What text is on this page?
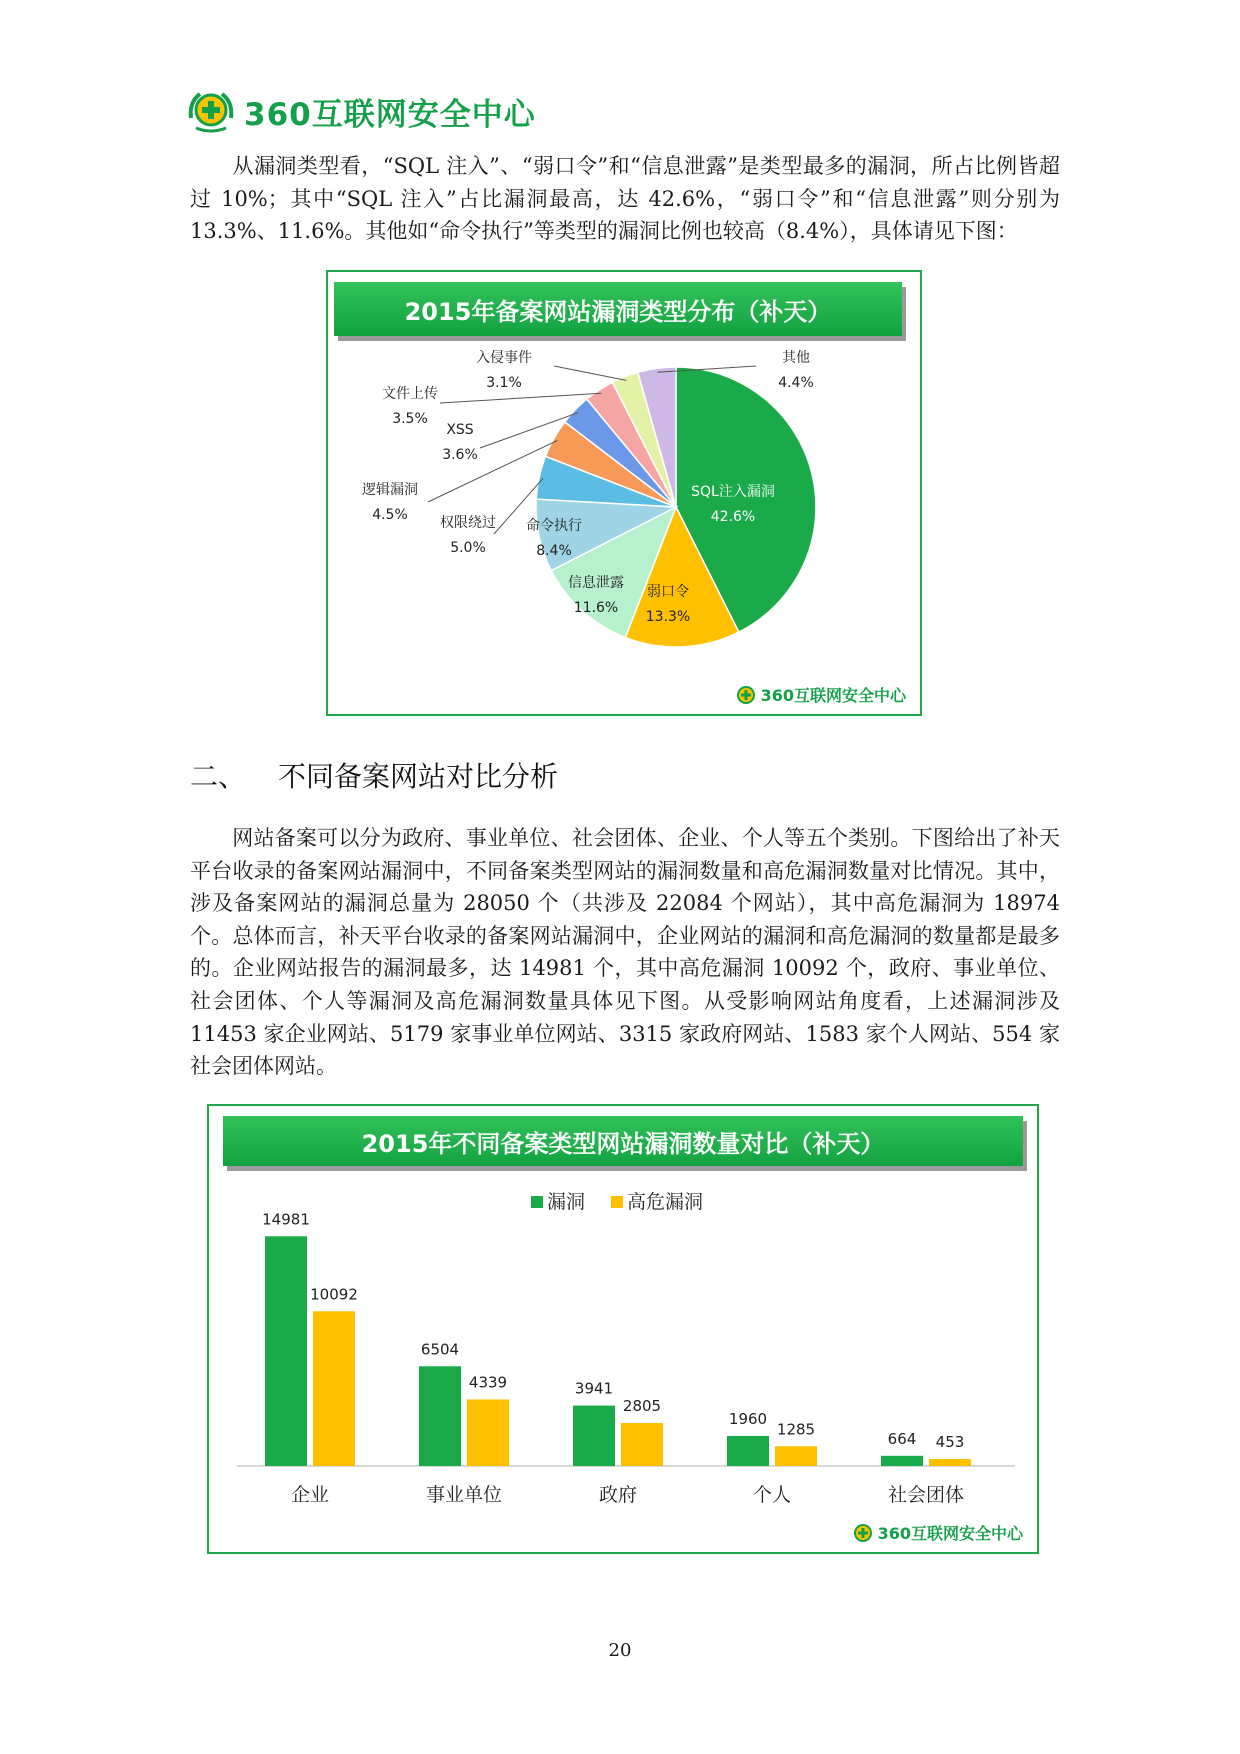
360互联网安全中心

从漏洞类型看，“SQL 注入”、“弱口令”和“信息泄露”是类型最多的漏洞，所占比例皆超过 10%；其中“SQL 注入”占比漏洞最高，达 42.6%，“弱口令”和“信息泄露”则分别为 13.3%、11.6%。其他如“命令执行”等类型的漏洞比例也较高（8.4%），具体请见下图：

2015年备案网站漏洞类型分布（补天）
SQL注入漏洞
42.6%
弱口令
13.3%
信息泄露
11.6%
命令执行
8.4%
权限绕过
5.0%
逻辑漏洞
4.5%
XSS
3.6%
文件上传
3.5%
入侵事件
3.1%
其他
4.4%
360互联网安全中心
二、 不同备案网站对比分析

网站备案可以分为政府、事业单位、社会团体、企业、个人等五个类别。下图给出了补天平台收录的备案网站漏洞中，不同备案类型网站的漏洞数量和高危漏洞数量对比情况。其中，涉及备案网站的漏洞总量为 28050 个（共涉及 22084 个网站），其中高危漏洞为 18974 个。总体而言，补天平台收录的备案网站漏洞中，企业网站的漏洞和高危漏洞的数量都是最多的。企业网站报告的漏洞最多，达 14981 个，其中高危漏洞 10092 个，政府、事业单位、社会团体、个人等漏洞及高危漏洞数量具体见下图。从受影响网站角度看，上述漏洞涉及 11453 家企业网站、5179 家事业单位网站、3315 家政府网站、1583 家个人网站、554 家社会团体网站。

2015年不同备案类型网站漏洞数量对比（补天）
漏洞 高危漏洞
14981
10092
企业
6504
4339
事业单位
3941
2805
政府
1960
1285
个人
664 453
社会团体
360互联网安全中心
20
